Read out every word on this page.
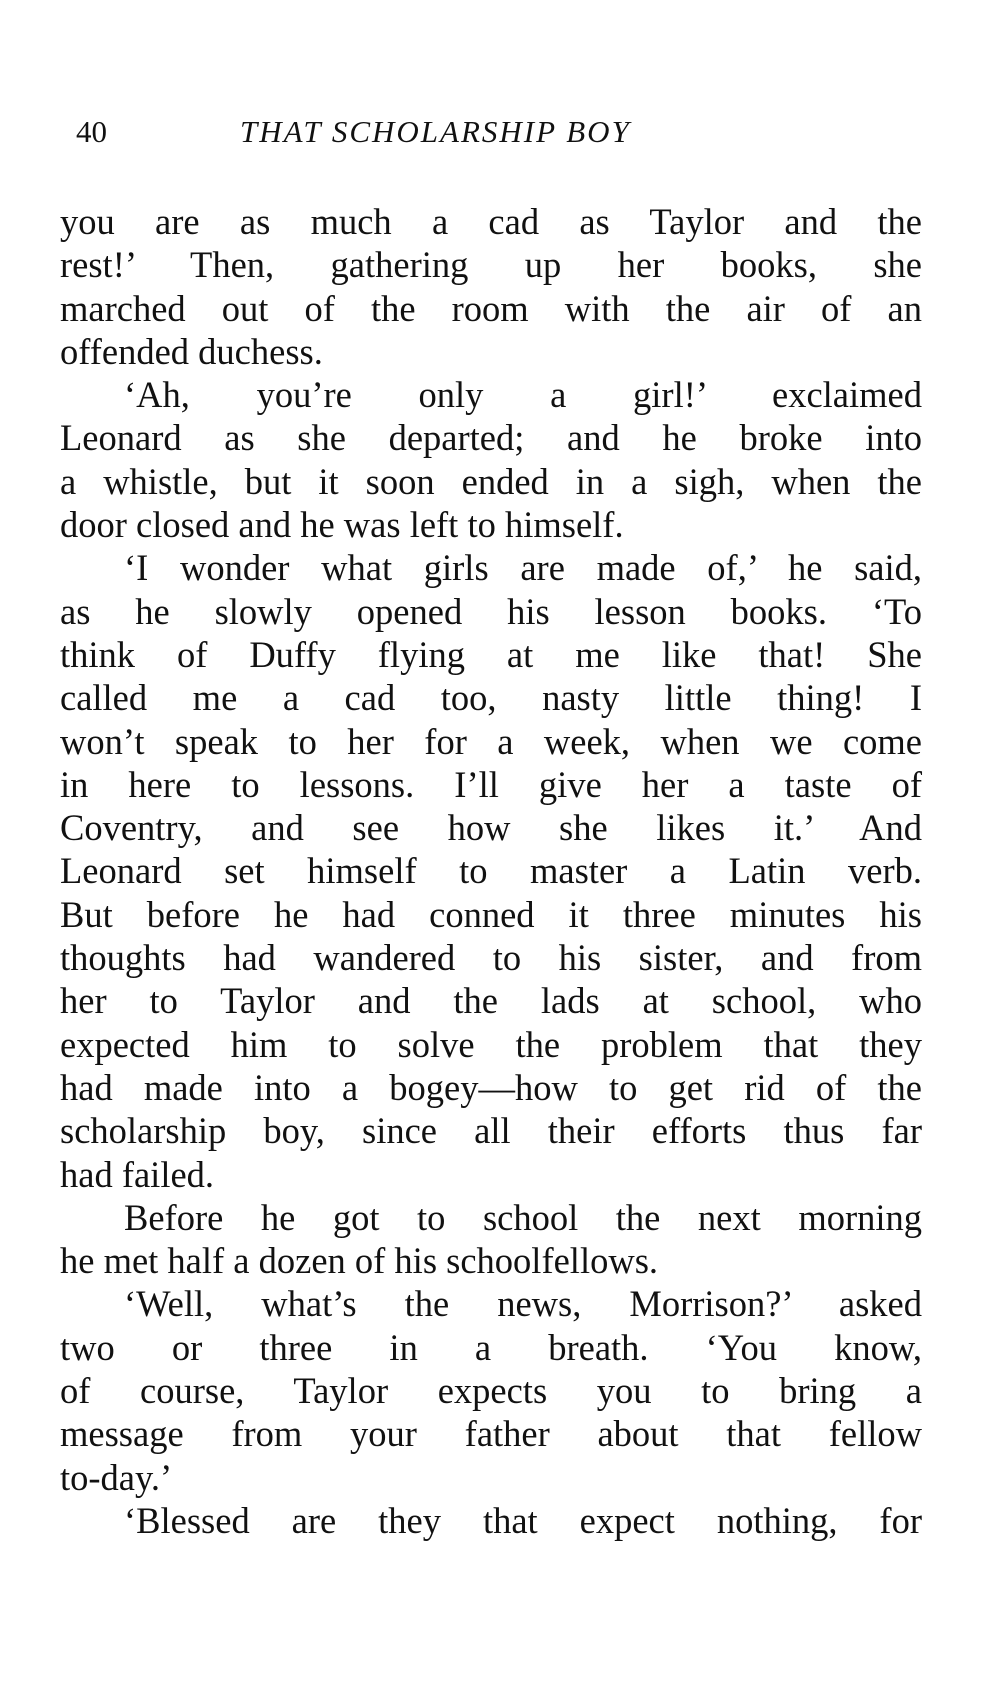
40	THAT SCHOLARSHIP BOY
you are as much a cad as Taylor and the
rest!’ Then, gathering up her books, she
marched out of the room with the air of an
offended duchess.
‘Ah, you’re only a girl!’ exclaimed
Leonard as she departed; and he broke into
a whistle, but it soon ended in a sigh, when the
door closed and he was left to himself.
‘I wonder what girls are made of,’ he said,
as he slowly opened his lesson books. ‘To
think of Duffy flying at me like that! She
called me a cad too, nasty little thing! I
won’t speak to her for a week, when we come
in here to lessons. I’ll give her a taste of
Coventry, and see how she likes it.’ And
Leonard set himself to master a Latin verb.
But before he had conned it three minutes his
thoughts had wandered to his sister, and from
her to Taylor and the lads at school, who
expected him to solve the problem that they
had made into a bogey—how to get rid of the
scholarship boy, since all their efforts thus far
had failed.
Before he got to school the next morning
he met half a dozen of his schoolfellows.
‘Well, what’s the news, Morrison?’ asked
two or three in a breath. ‘You know,
of course, Taylor expects you to bring a
message from your father about that fellow
to-day.’
‘Blessed are they that expect nothing, for
